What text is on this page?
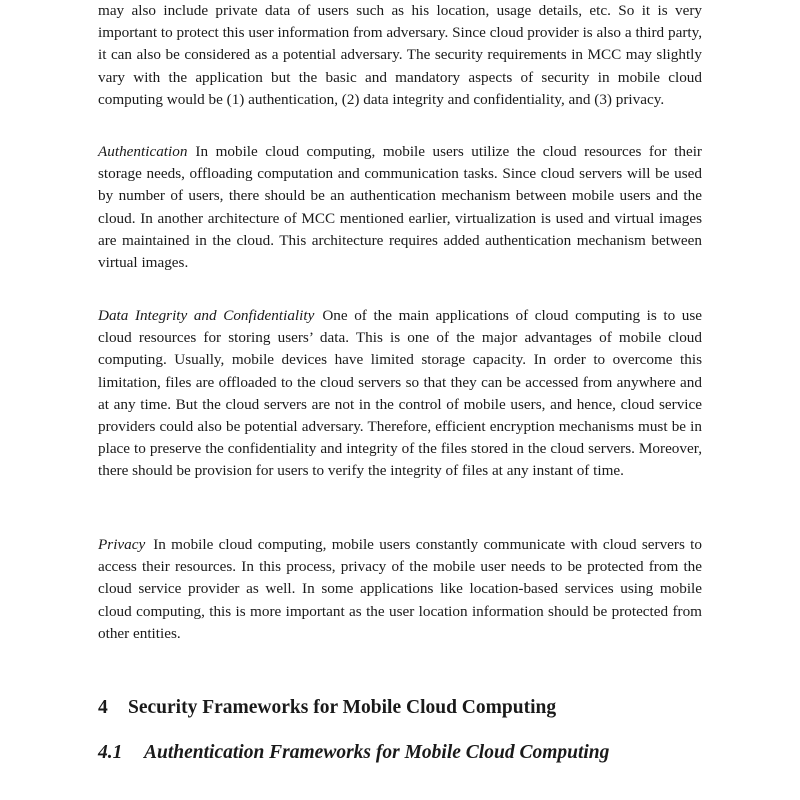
may also include private data of users such as his location, usage details, etc. So it is very important to protect this user information from adversary. Since cloud provider is also a third party, it can also be considered as a potential adversary. The security requirements in MCC may slightly vary with the application but the basic and mandatory aspects of security in mobile cloud computing would be (1) authentication, (2) data integrity and confidentiality, and (3) privacy.

Authentication In mobile cloud computing, mobile users utilize the cloud resources for their storage needs, offloading computation and communication tasks. Since cloud servers will be used by number of users, there should be an authentication mechanism between mobile users and the cloud. In another architecture of MCC mentioned earlier, virtualization is used and virtual images are maintained in the cloud. This architecture requires added authentication mechanism between virtual images.

Data Integrity and Confidentiality One of the main applications of cloud computing is to use cloud resources for storing users’ data. This is one of the major advantages of mobile cloud computing. Usually, mobile devices have limited storage capacity. In order to overcome this limitation, files are offloaded to the cloud servers so that they can be accessed from anywhere and at any time. But the cloud servers are not in the control of mobile users, and hence, cloud service providers could also be potential adversary. Therefore, efficient encryption mechanisms must be in place to preserve the confidentiality and integrity of the files stored in the cloud servers. Moreover, there should be provision for users to verify the integrity of files at any instant of time.

Privacy In mobile cloud computing, mobile users constantly communicate with cloud servers to access their resources. In this process, privacy of the mobile user needs to be protected from the cloud service provider as well. In some applications like location-based services using mobile cloud computing, this is more important as the user location information should be protected from other entities.

4 Security Frameworks for Mobile Cloud Computing
4.1 Authentication Frameworks for Mobile Cloud Computing
